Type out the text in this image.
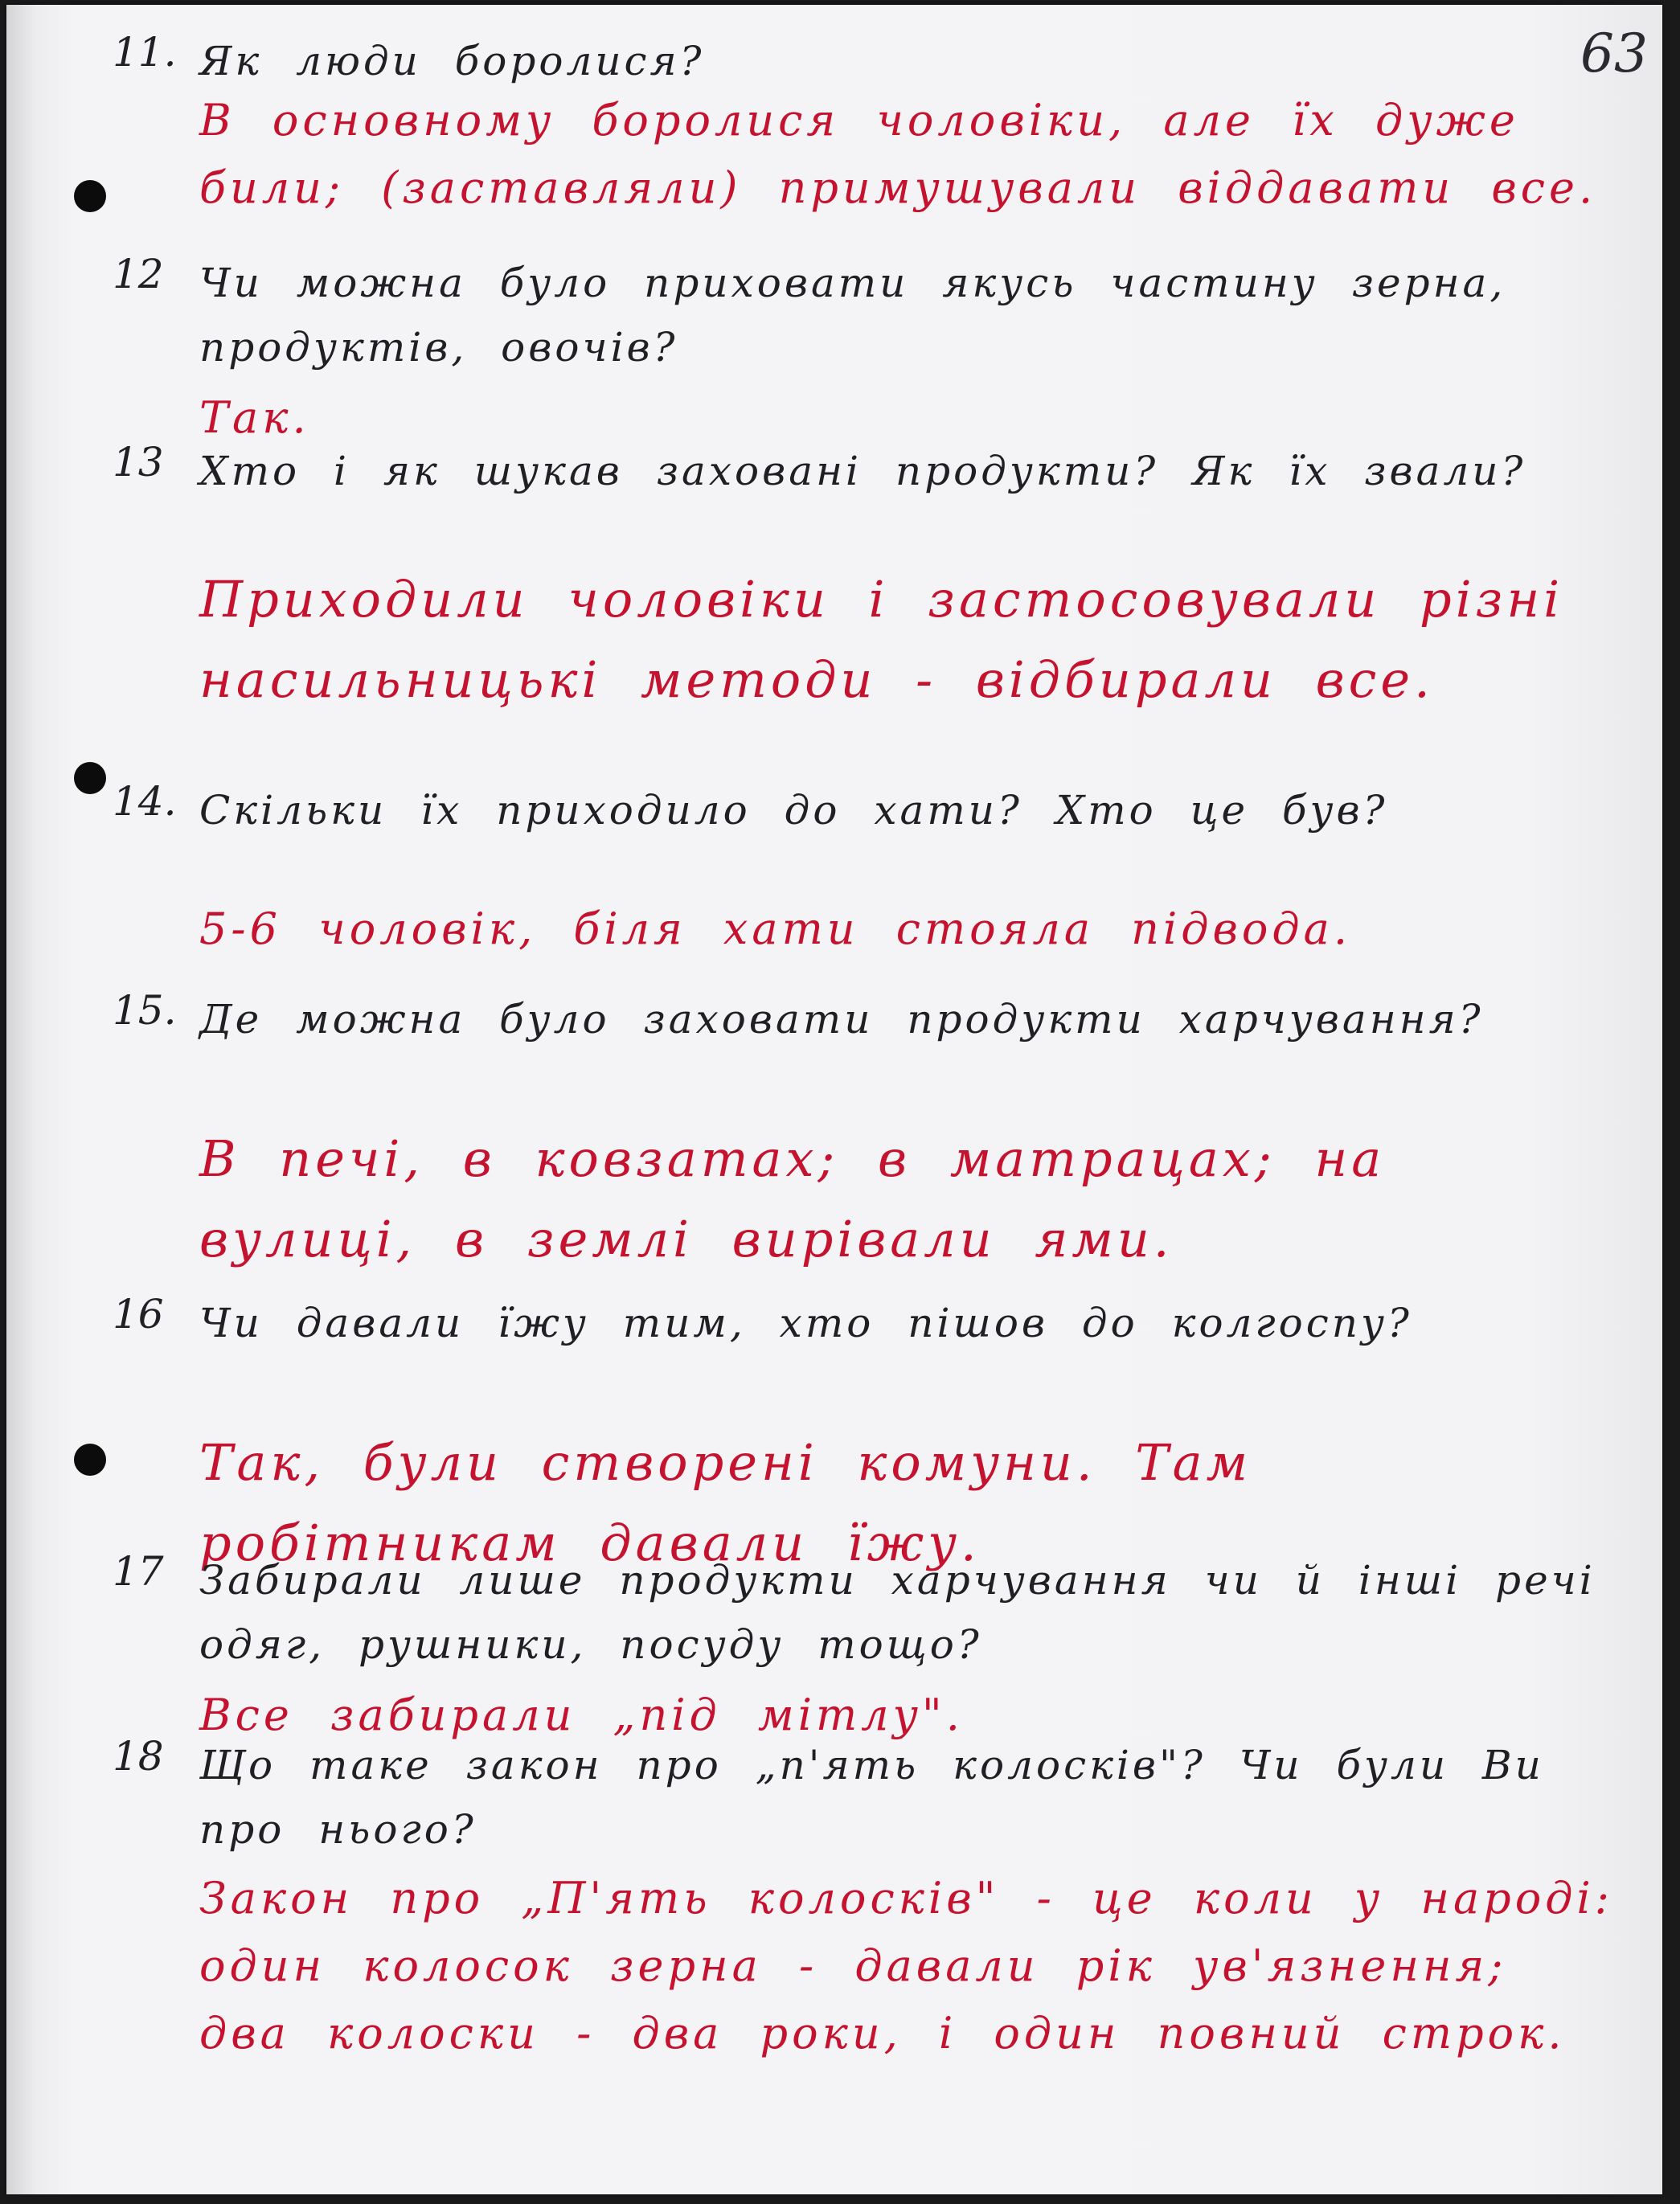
63
11. Як люди боролися?
В основному боролися чоловіки, але їх дуже били; (заставляли) примушували віддавати все.
12 Чи можна було приховати якусь частину зерна, продуктів, овочів?
Так.
13 Хто і як шукав заховані продукти? Як їх звали?
Приходили чоловіки і застосовували різні насильницькі методи - відбирали все.
14. Скільки їх приходило до хати? Хто це був?
5-6 чоловік, біля хати стояла підвода.
15. Де можна було заховати продукти харчування?
В печі, в ковзатах; в матрацах; на вулиці, в землі вирівали ями.
16 Чи давали їжу тим, хто пішов до колгоспу?
Так, були створені комуни. Там робітникам давали їжу.
17 Забирали лише продукти харчування чи й інші речі одяг, рушники, посуду тощо?
Все забирали „під мітлу".
18 Що таке закон про „п'ять колосків"? Чи були Ви про нього?
Закон про „П'ять колосків" - це коли у народі: один колосок зерна - давали рік ув'язнення; два колоски - два роки, і один повний строк.
